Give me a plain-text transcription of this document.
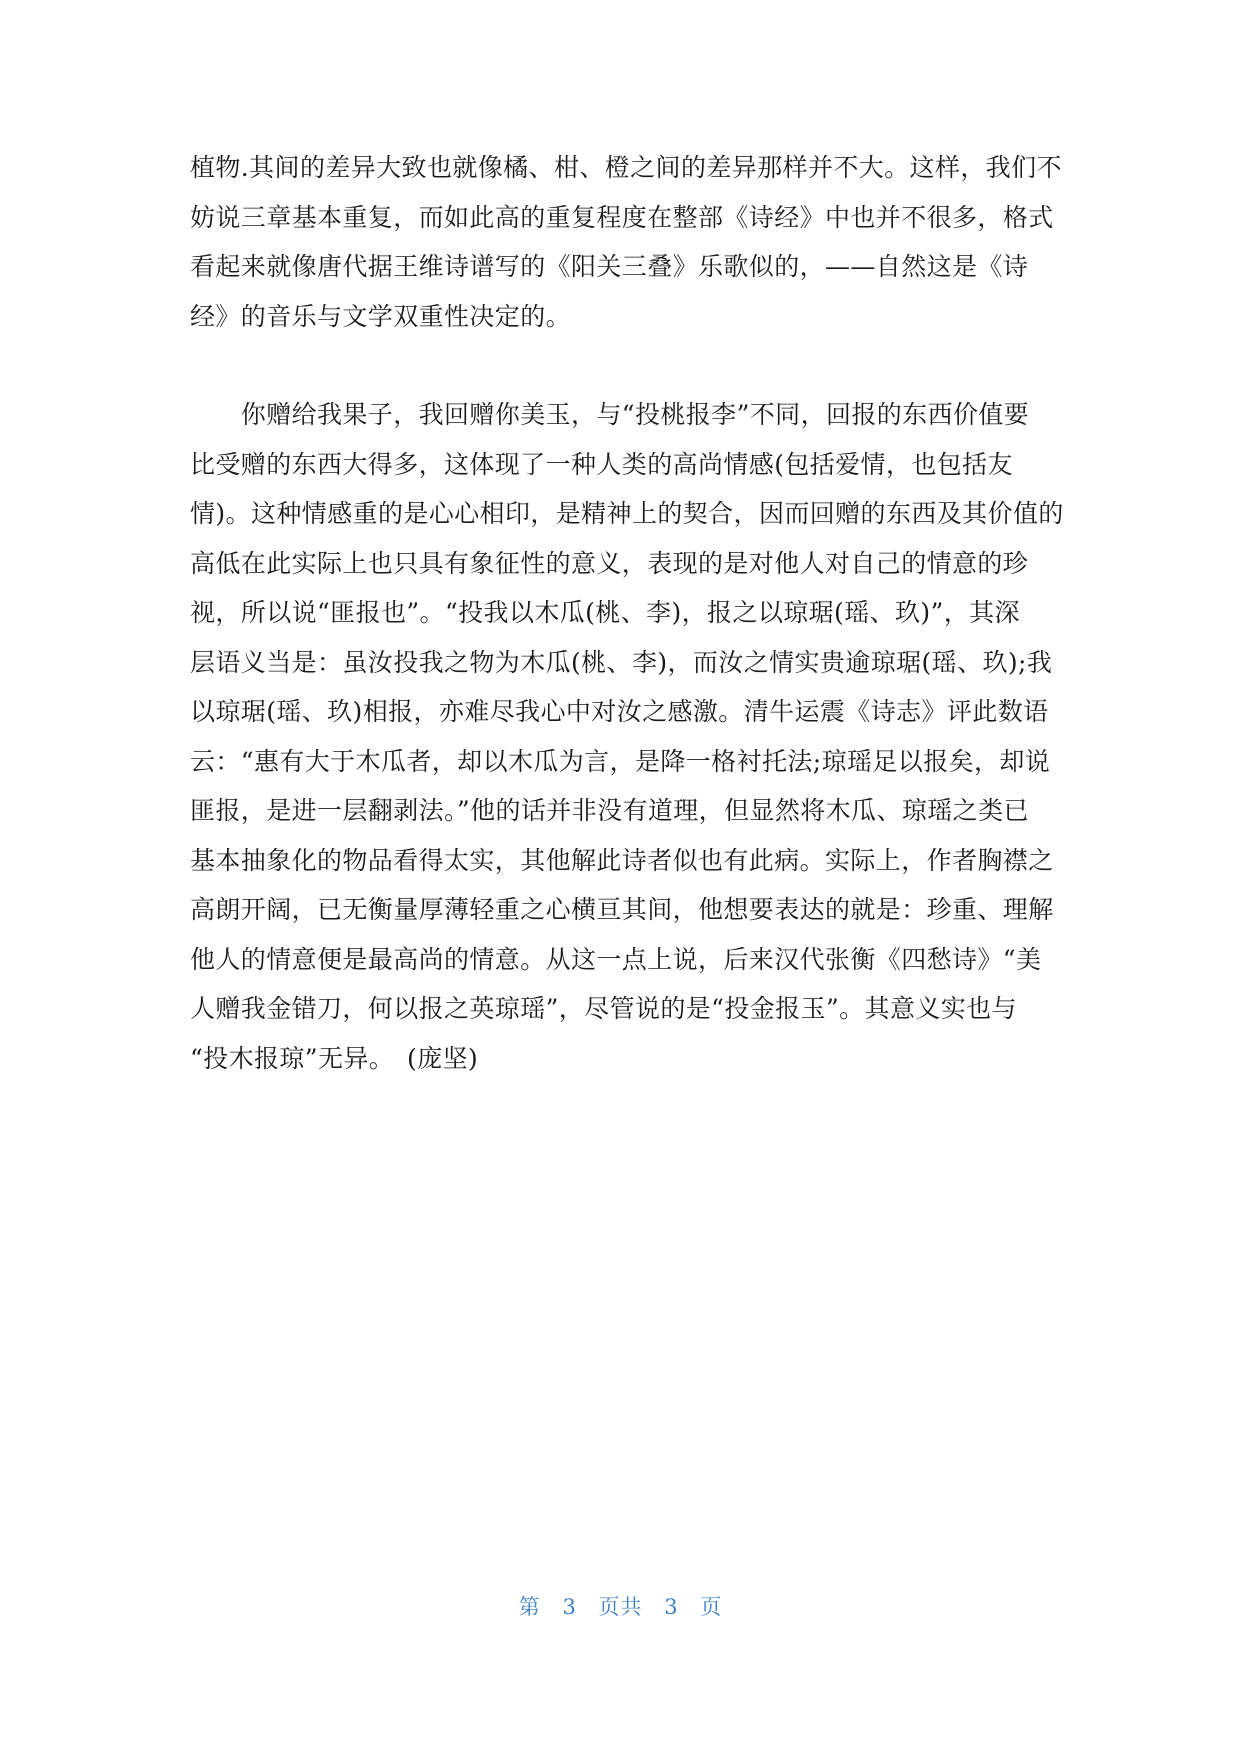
植物.其间的差异大致也就像橘、柑、橙之间的差异那样并不大。这样，我们不
妨说三章基本重复，而如此高的重复程度在整部《诗经》中也并不很多，格式
看起来就像唐代据王维诗谱写的《阳关三叠》乐歌似的，——自然这是《诗
经》的音乐与文学双重性决定的。
　　你赠给我果子，我回赠你美玉，与“投桃报李”不同，回报的东西价值要
比受赠的东西大得多，这体现了一种人类的高尚情感(包括爱情，也包括友
情)。这种情感重的是心心相印，是精神上的契合，因而回赠的东西及其价值的
高低在此实际上也只具有象征性的意义，表现的是对他人对自己的情意的珍
视，所以说“匪报也”。“投我以木瓜(桃、李)，报之以琼琚(瑶、玖)”，其深
层语义当是：虽汝投我之物为木瓜(桃、李)，而汝之情实贵逾琼琚(瑶、玖);我
以琼琚(瑶、玖)相报，亦难尽我心中对汝之感激。清牛运震《诗志》评此数语
云：“惠有大于木瓜者，却以木瓜为言，是降一格衬托法;琼瑶足以报矣，却说
匪报，是进一层翻剥法。”他的话并非没有道理，但显然将木瓜、琼瑶之类已
基本抽象化的物品看得太实，其他解此诗者似也有此病。实际上，作者胸襟之
高朗开阔，已无衡量厚薄轻重之心横亘其间，他想要表达的就是：珍重、理解
他人的情意便是最高尚的情意。从这一点上说，后来汉代张衡《四愁诗》“美
人赠我金错刀，何以报之英琼瑶”，尽管说的是“投金报玉”。其意义实也与
“投木报琼”无异。　(庞坚)
第 3 页共 3 页
